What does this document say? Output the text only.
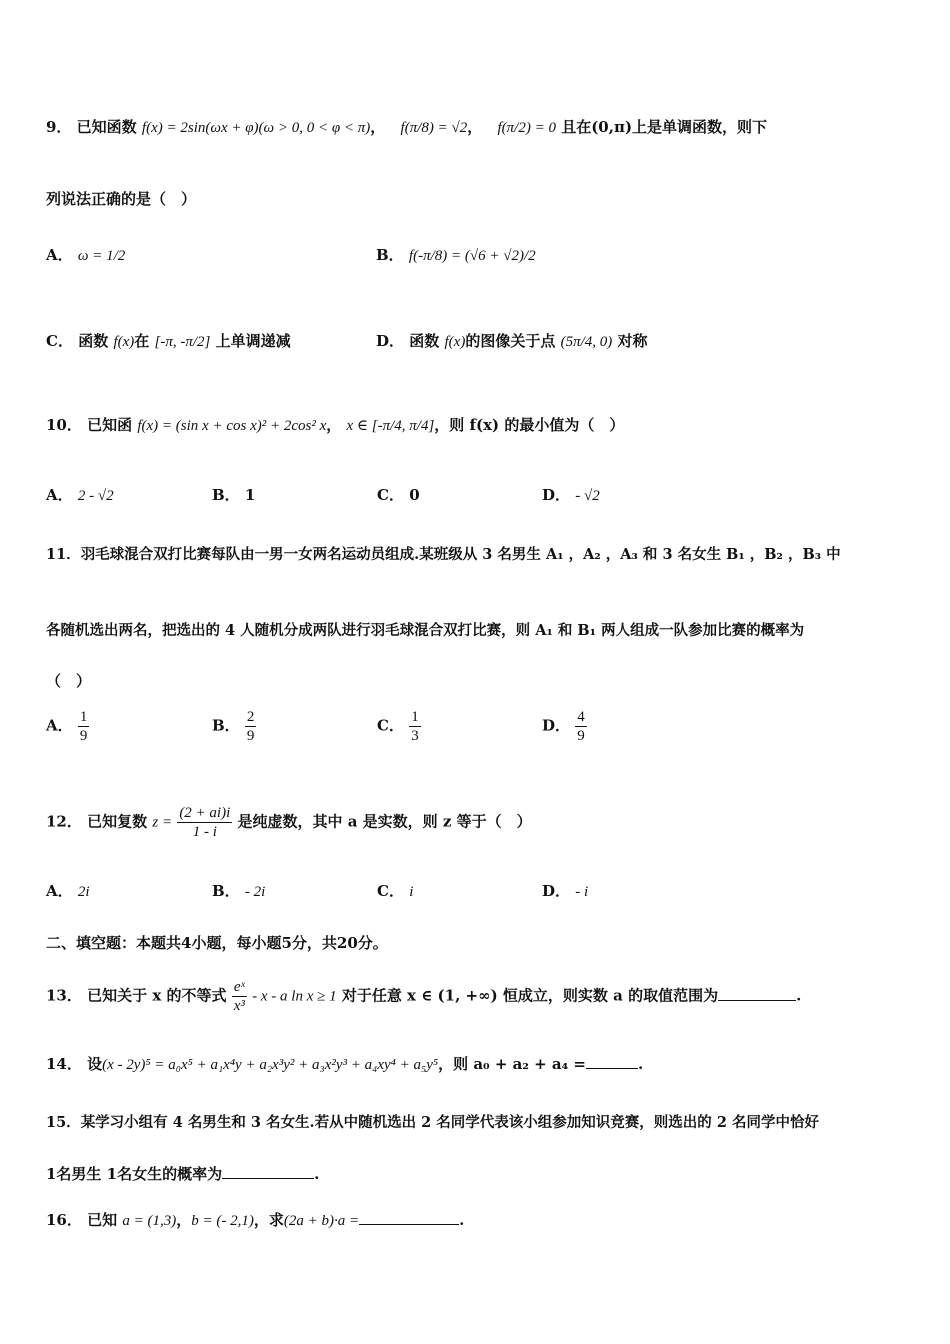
9． 已知函数 f(x) = 2sin(ωx + φ)(ω > 0, 0 < φ < π)， f(π/8) = √2， f(π/2) = 0 且在(0,π)上是单调函数，则下
列说法正确的是（　）
A． ω = 1/2	B． f(-π/8) = (√6 + √2)/2
C． 函数 f(x)在 [-π, -π/2] 上单调递减	D． 函数 f(x)的图像关于点 (5π/4, 0) 对称
10． 已知函 f(x) = (sin x + cos x)² + 2cos² x， x ∈ [-π/4, π/4]，则 f(x) 的最小值为（　）
A． 2 - √2	B． 1	C． 0	D． - √2
11．羽毛球混合双打比赛每队由一男一女两名运动员组成.某班级从 3 名男生 A₁ ，A₂ ，A₃ 和 3 名女生 B₁ ，B₂ ，B₃ 中
各随机选出两名，把选出的 4 人随机分成两队进行羽毛球混合双打比赛，则 A₁ 和 B₁ 两人组成一队参加比赛的概率为
（　）
A． $\frac{1}{9}$	B． $\frac{2}{9}$	C． $\frac{1}{3}$	D． $\frac{4}{9}$
12． 已知复数 $z = \frac{(2 + ai)i}{1 - i}$ 是纯虚数，其中 a 是实数，则 z 等于（　）
A． 2i	B． - 2i	C． i	D． - i
二、填空题：本题共4小题，每小题5分，共20分。
13． 已知关于 x 的不等式 $\frac{\text{eˣ}}{\text{x³}}$ - x - a ln x ≥ 1 对于任意 x ∈ (1, +∞) 恒成立，则实数 a 的取值范围为	.
14． 设(x - 2y)⁵ = a₀x⁵ + a₁x⁴y + a₂x³y² + a₃x²y³ + a₄xy⁴ + a₅y⁵，则 a₀ + a₂ + a₄ =	.
15．某学习小组有 4 名男生和 3 名女生.若从中随机选出 2 名同学代表该小组参加知识竞赛，则选出的 2 名同学中恰好
1名男生 1名女生的概率为	.
16． 已知 a = (1,3)，b = (- 2,1)，求(2a + b)·a =	.
